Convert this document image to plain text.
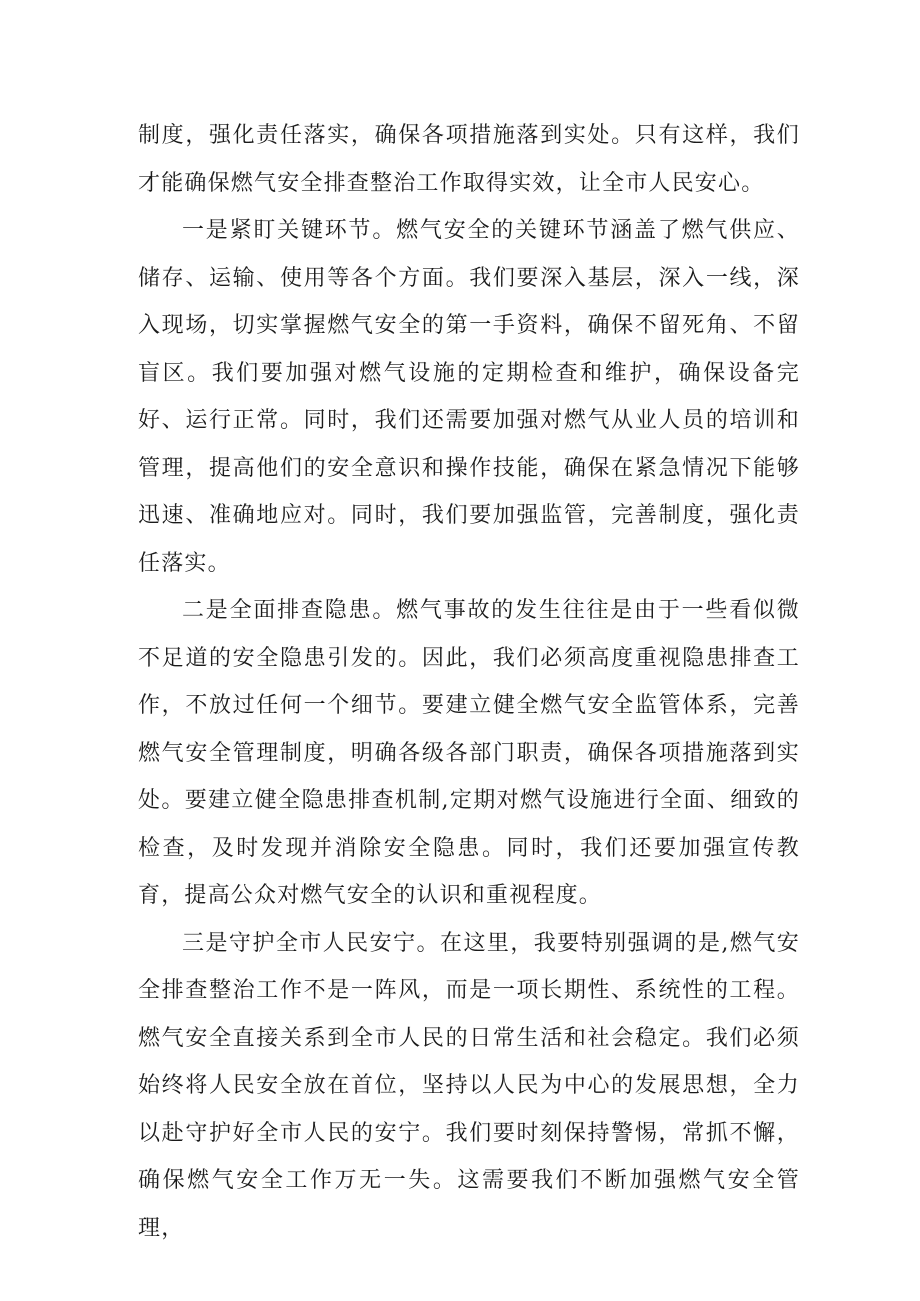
制度，强化责任落实，确保各项措施落到实处。只有这样，我们才能确保燃气安全排查整治工作取得实效，让全市人民安心。

一是紧盯关键环节。燃气安全的关键环节涵盖了燃气供应、储存、运输、使用等各个方面。我们要深入基层，深入一线，深入现场，切实掌握燃气安全的第一手资料，确保不留死角、不留盲区。我们要加强对燃气设施的定期检查和维护，确保设备完好、运行正常。同时，我们还需要加强对燃气从业人员的培训和管理，提高他们的安全意识和操作技能，确保在紧急情况下能够迅速、准确地应对。同时，我们要加强监管，完善制度，强化责任落实。

二是全面排查隐患。燃气事故的发生往往是由于一些看似微不足道的安全隐患引发的。因此，我们必须高度重视隐患排查工作，不放过任何一个细节。要建立健全燃气安全监管体系，完善燃气安全管理制度，明确各级各部门职责，确保各项措施落到实处。要建立健全隐患排查机制,定期对燃气设施进行全面、细致的检查，及时发现并消除安全隐患。同时，我们还要加强宣传教育，提高公众对燃气安全的认识和重视程度。

三是守护全市人民安宁。在这里，我要特别强调的是,燃气安全排查整治工作不是一阵风，而是一项长期性、系统性的工程。燃气安全直接关系到全市人民的日常生活和社会稳定。我们必须始终将人民安全放在首位，坚持以人民为中心的发展思想，全力以赴守护好全市人民的安宁。我们要时刻保持警惕，常抓不懈，确保燃气安全工作万无一失。这需要我们不断加强燃气安全管理，
